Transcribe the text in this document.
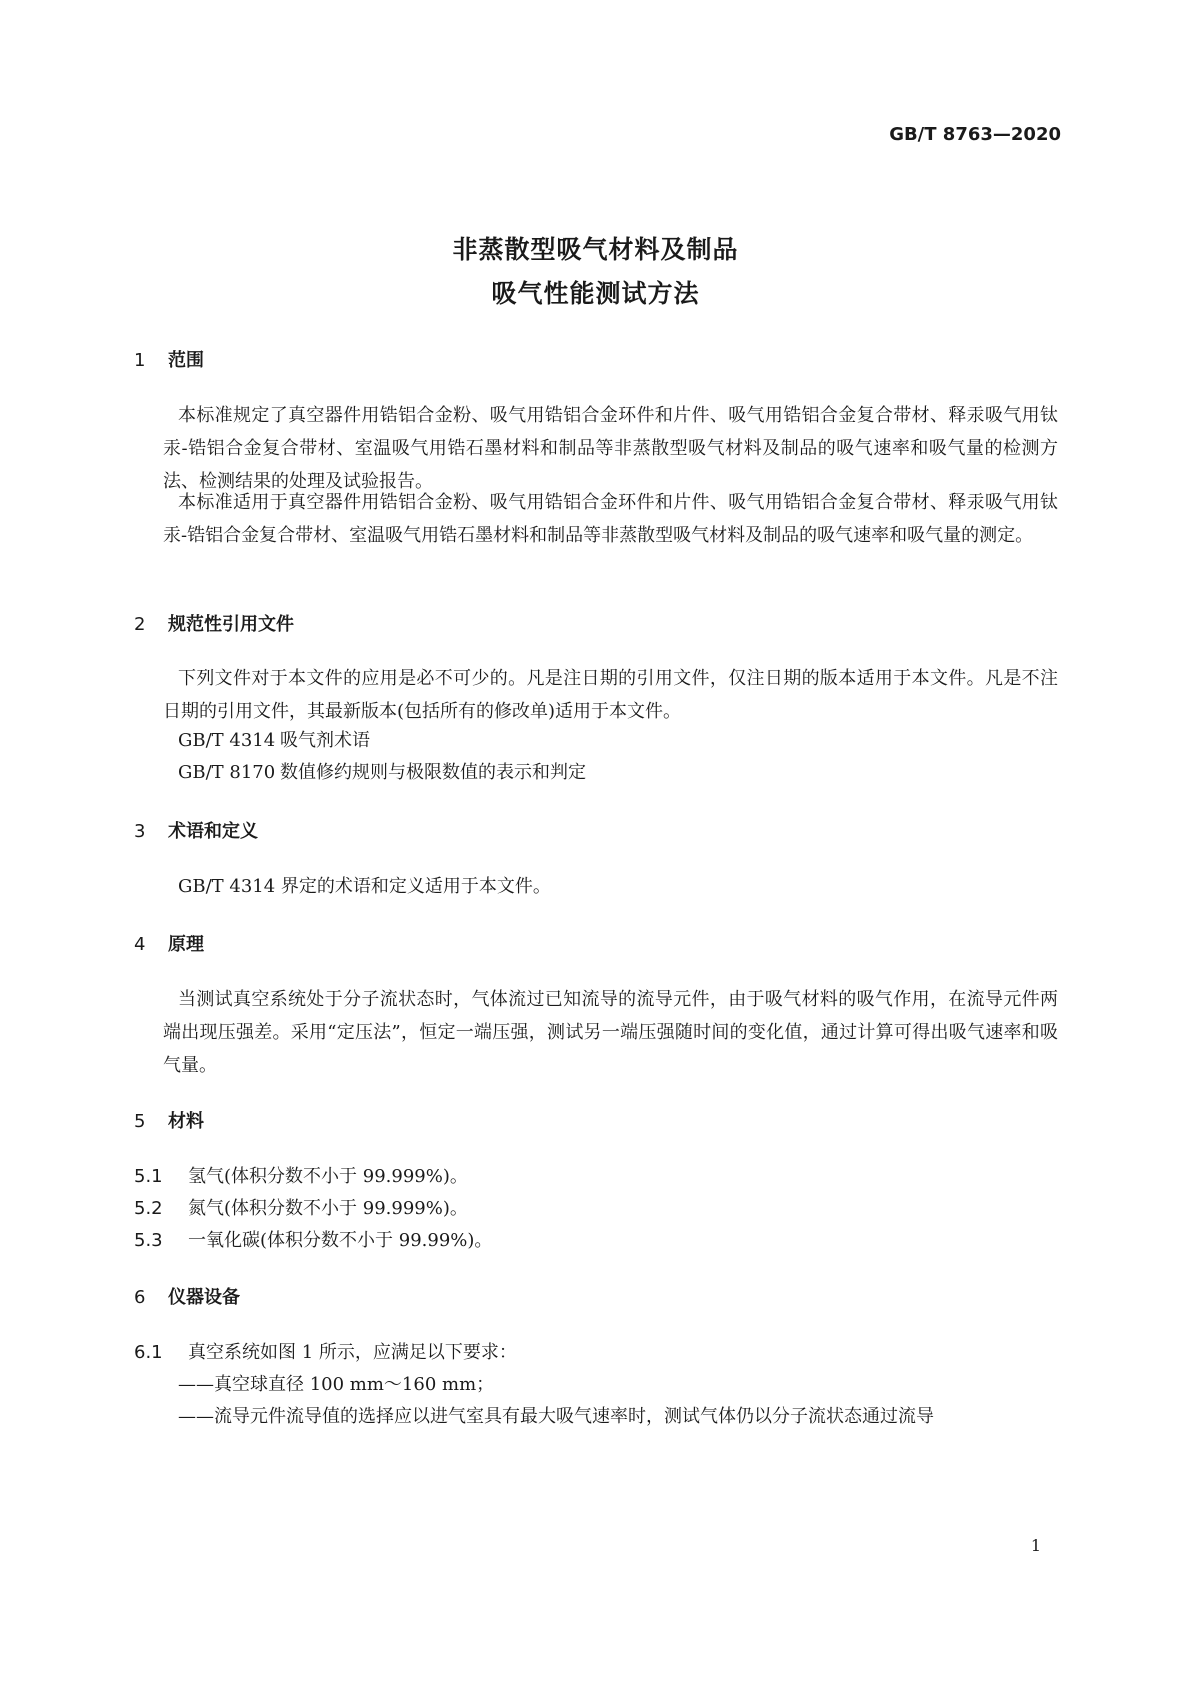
GB/T 8763—2020
非蒸散型吸气材料及制品
吸气性能测试方法
1 范围
本标准规定了真空器件用锆铝合金粉、吸气用锆铝合金环件和片件、吸气用锆铝合金复合带材、释汞吸气用钛汞-锆铝合金复合带材、室温吸气用锆石墨材料和制品等非蒸散型吸气材料及制品的吸气速率和吸气量的检测方法、检测结果的处理及试验报告。
本标准适用于真空器件用锆铝合金粉、吸气用锆铝合金环件和片件、吸气用锆铝合金复合带材、释汞吸气用钛汞-锆铝合金复合带材、室温吸气用锆石墨材料和制品等非蒸散型吸气材料及制品的吸气速率和吸气量的测定。
2 规范性引用文件
下列文件对于本文件的应用是必不可少的。凡是注日期的引用文件，仅注日期的版本适用于本文件。凡是不注日期的引用文件，其最新版本(包括所有的修改单)适用于本文件。
GB/T 4314 吸气剂术语
GB/T 8170 数值修约规则与极限数值的表示和判定
3 术语和定义
GB/T 4314 界定的术语和定义适用于本文件。
4 原理
当测试真空系统处于分子流状态时，气体流过已知流导的流导元件，由于吸气材料的吸气作用，在流导元件两端出现压强差。采用“定压法”，恒定一端压强，测试另一端压强随时间的变化值，通过计算可得出吸气速率和吸气量。
5 材料
5.1 氢气(体积分数不小于 99.999%)。
5.2 氮气(体积分数不小于 99.999%)。
5.3 一氧化碳(体积分数不小于 99.99%)。
6 仪器设备
6.1 真空系统如图 1 所示，应满足以下要求：
——真空球直径 100 mm～160 mm；
——流导元件流导值的选择应以进气室具有最大吸气速率时，测试气体仍以分子流状态通过流导
1
